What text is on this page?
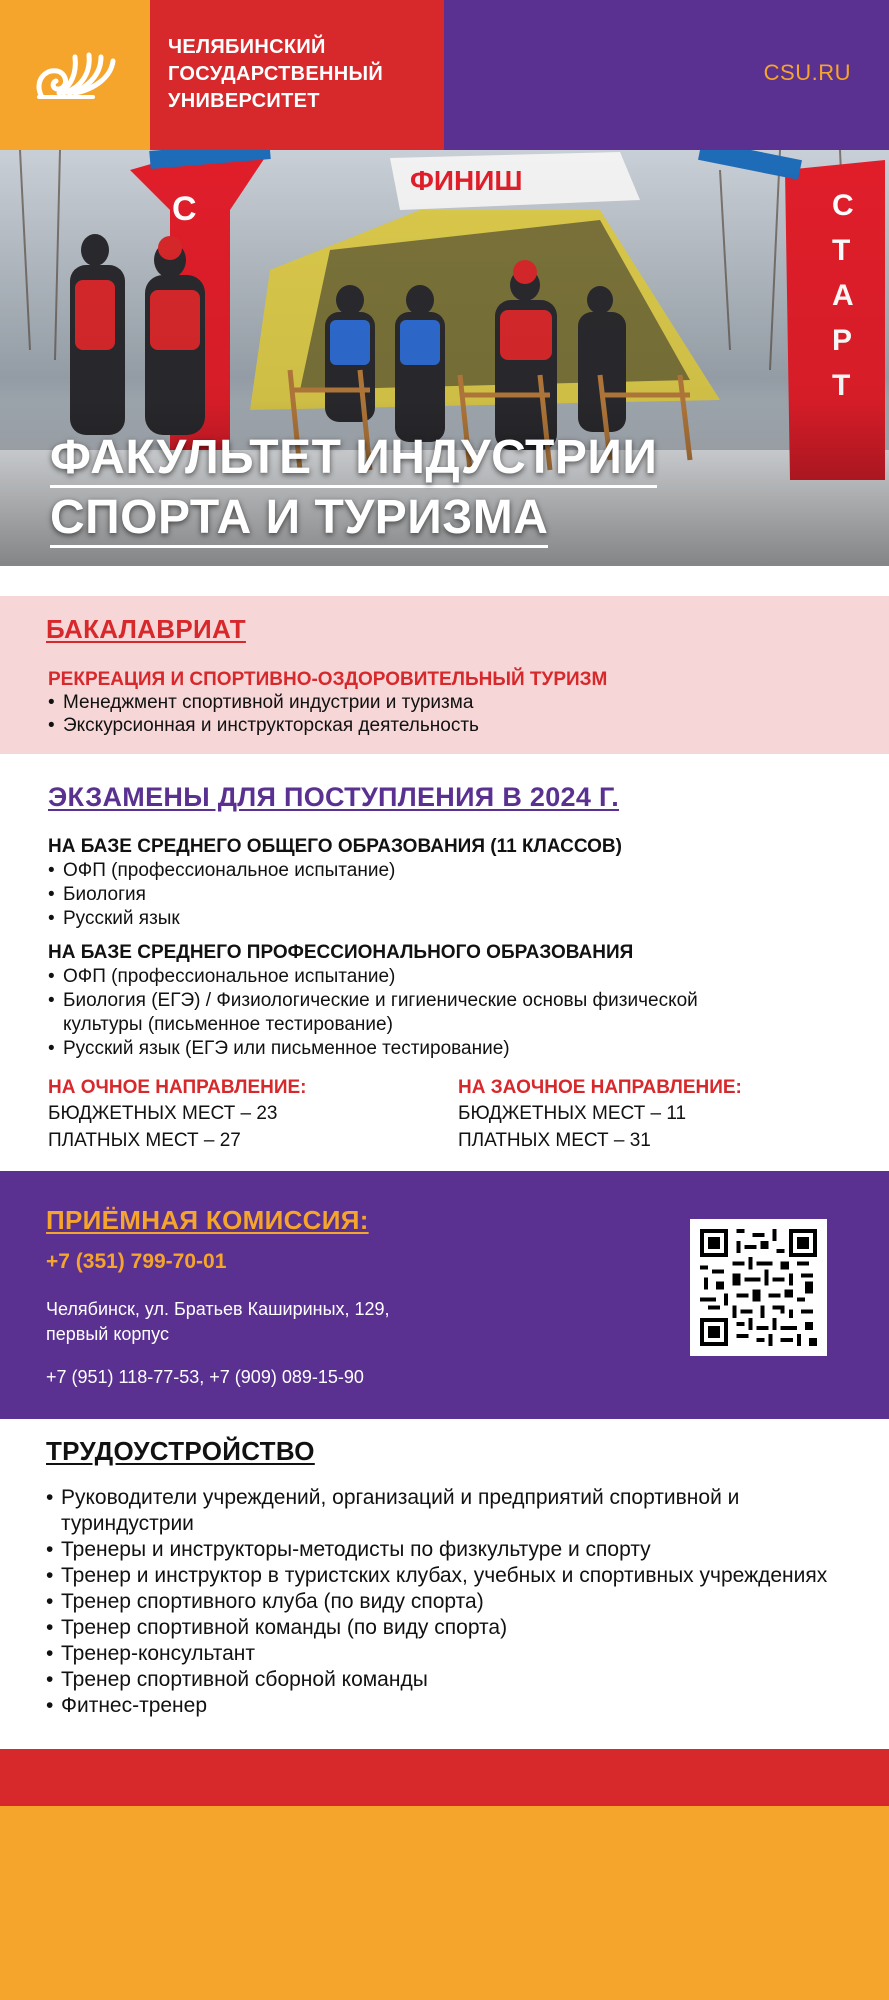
ЧЕЛЯБИНСКИЙ
ГОСУДАРСТВЕННЫЙ
УНИВЕРСИТЕТ
CSU.RU
ФАКУЛЬТЕТ ИНДУСТРИИ
СПОРТА И ТУРИЗМА
БАКАЛАВРИАТ
РЕКРЕАЦИЯ И СПОРТИВНО-ОЗДОРОВИТЕЛЬНЫЙ ТУРИЗМ
• Менеджмент спортивной индустрии и туризма
• Экскурсионная и инструкторская деятельность
ЭКЗАМЕНЫ ДЛЯ ПОСТУПЛЕНИЯ В 2024 Г.
НА БАЗЕ СРЕДНЕГО ОБЩЕГО ОБРАЗОВАНИЯ (11 КЛАССОВ)
• ОФП (профессиональное испытание)
• Биология
• Русский язык
НА БАЗЕ СРЕДНЕГО ПРОФЕССИОНАЛЬНОГО ОБРАЗОВАНИЯ
• ОФП (профессиональное испытание)
• Биология (ЕГЭ) / Физиологические и гигиенические основы физической культуры (письменное тестирование)
• Русский язык (ЕГЭ или письменное тестирование)
НА ОЧНОЕ НАПРАВЛЕНИЕ:
БЮДЖЕТНЫХ МЕСТ – 23
ПЛАТНЫХ МЕСТ – 27
НА ЗАОЧНОЕ НАПРАВЛЕНИЕ:
БЮДЖЕТНЫХ МЕСТ – 11
ПЛАТНЫХ МЕСТ – 31
ПРИЁМНАЯ КОМИССИЯ:
+7 (351) 799-70-01
Челябинск, ул. Братьев Кашириных, 129,
первый корпус
+7 (951) 118-77-53, +7 (909) 089-15-90
ТРУДОУСТРОЙСТВО
• Руководители учреждений, организаций и предприятий спортивной и туриндустрии
• Тренеры и инструкторы-методисты по физкультуре и спорту
• Тренер и инструктор в туристских клубах, учебных и спортивных учреждениях
• Тренер спортивного клуба (по виду спорта)
• Тренер спортивной команды (по виду спорта)
• Тренер-консультант
• Тренер спортивной сборной команды
• Фитнес-тренер
